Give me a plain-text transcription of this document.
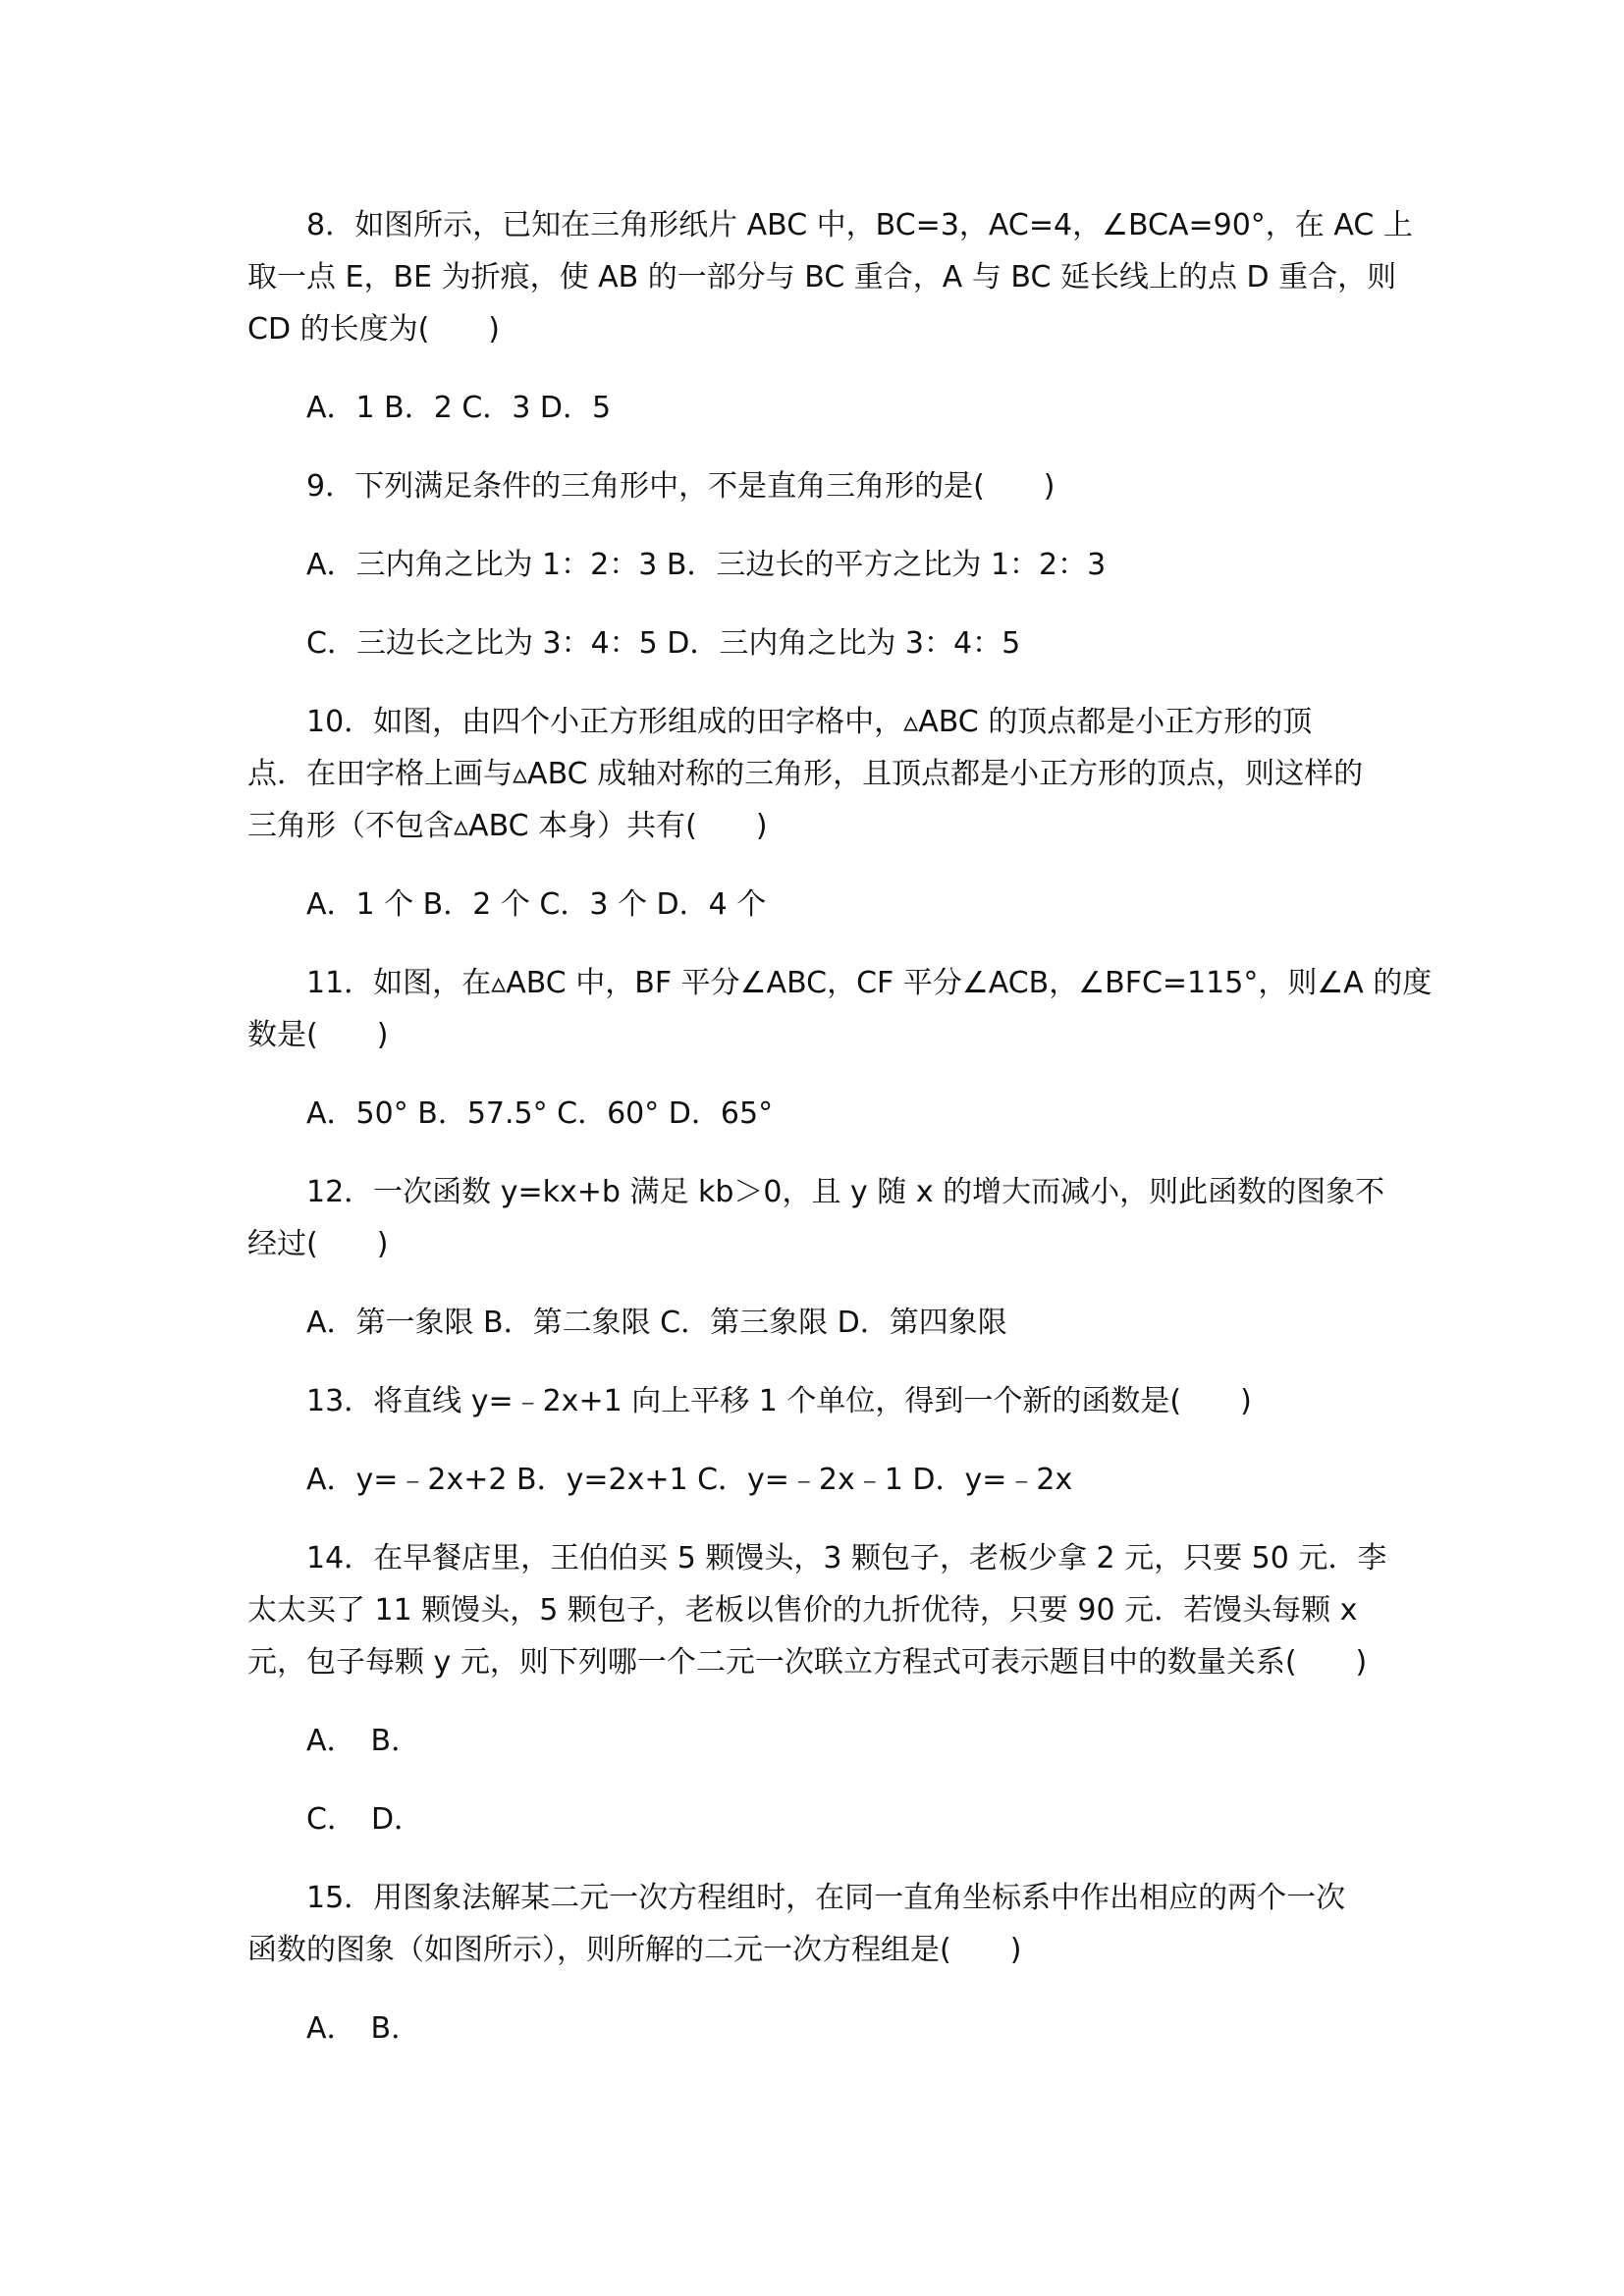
8．如图所示，已知在三角形纸片 ABC 中，BC=3，AC=4，∠BCA=90°，在 AC 上
取一点 E，BE 为折痕，使 AB 的一部分与 BC 重合，A 与 BC 延长线上的点 D 重合，则
CD 的长度为(　　)
A．1 B．2 C．3 D．5
9．下列满足条件的三角形中，不是直角三角形的是(　　)
A．三内角之比为 1：2：3 B．三边长的平方之比为 1：2：3
C．三边长之比为 3：4：5 D．三内角之比为 3：4：5
10．如图，由四个小正方形组成的田字格中，▵ABC 的顶点都是小正方形的顶
点．在田字格上画与▵ABC 成轴对称的三角形，且顶点都是小正方形的顶点，则这样的
三角形（不包含▵ABC 本身）共有(　　)
A．1 个 B．2 个 C．3 个 D．4 个
11．如图，在▵ABC 中，BF 平分∠ABC，CF 平分∠ACB，∠BFC=115°，则∠A 的度
数是(　　)
A．50° B．57.5° C．60° D．65°
12．一次函数 y=kx+b 满足 kb＞0，且 y 随 x 的增大而减小，则此函数的图象不
经过(　　)
A．第一象限 B．第二象限 C．第三象限 D．第四象限
13．将直线 y=﹣2x+1 向上平移 1 个单位，得到一个新的函数是(　　)
A．y=﹣2x+2 B．y=2x+1 C．y=﹣2x﹣1 D．y=﹣2x
14．在早餐店里，王伯伯买 5 颗馒头，3 颗包子，老板少拿 2 元，只要 50 元．李
太太买了 11 颗馒头，5 颗包子，老板以售价的九折优待，只要 90 元．若馒头每颗 x
元，包子每颗 y 元，则下列哪一个二元一次联立方程式可表示题目中的数量关系(　　)
A．　B．
C．　D．
15．用图象法解某二元一次方程组时，在同一直角坐标系中作出相应的两个一次
函数的图象（如图所示），则所解的二元一次方程组是(　　)
A．　B．
